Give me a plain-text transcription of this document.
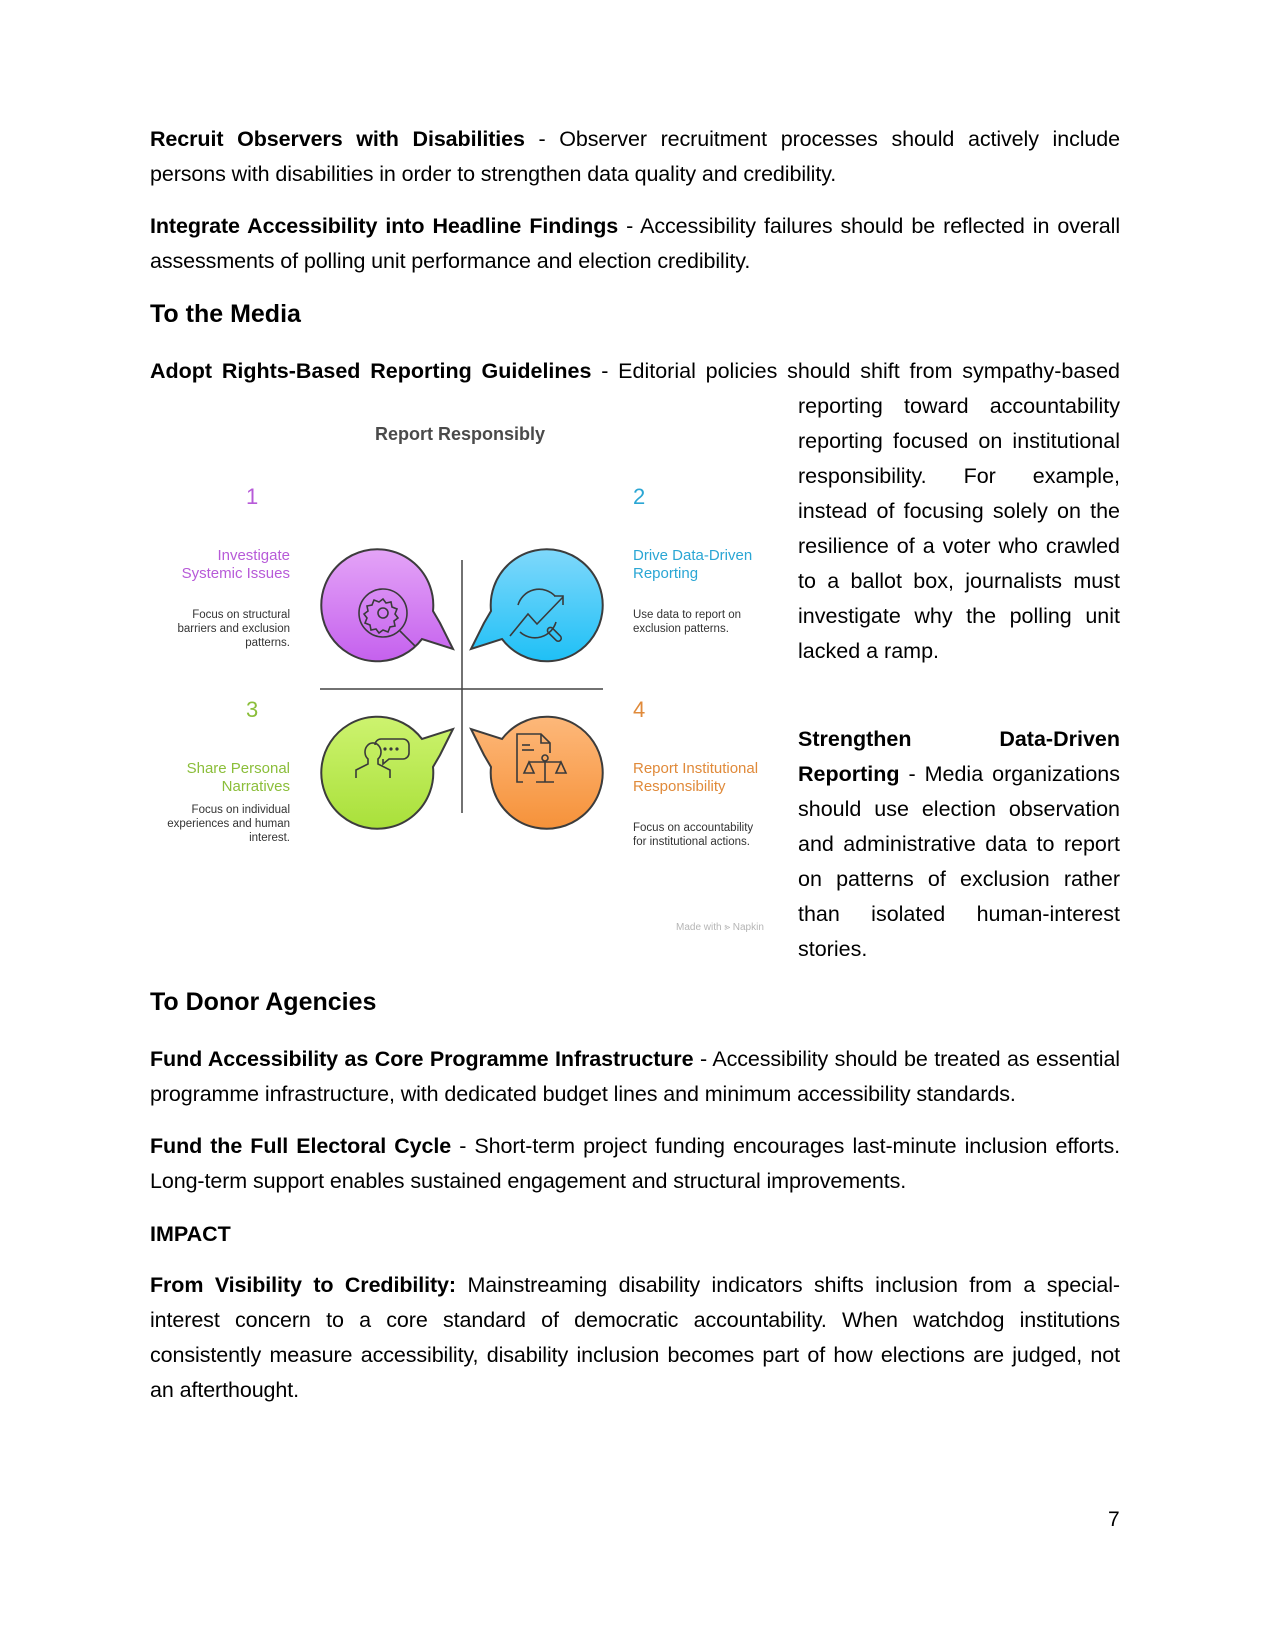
Recruit Observers with Disabilities - Observer recruitment processes should actively include persons with disabilities in order to strengthen data quality and credibility.

Integrate Accessibility into Headline Findings - Accessibility failures should be reflected in overall assessments of polling unit performance and election credibility.

To the Media

Adopt Rights-Based Reporting Guidelines - Editorial policies should shift from sympathy-based

reporting toward accountability reporting focused on institutional responsibility. For example, instead of focusing solely on the resilience of a voter who crawled to a ballot box, journalists must investigate why the polling unit lacked a ramp.

Strengthen Data-Driven Reporting - Media organizations should use election observation and administrative data to report on patterns of exclusion rather than isolated human-interest stories.

Report Responsibly
1
Investigate Systemic Issues
Focus on structural barriers and exclusion patterns.
2
Drive Data-Driven Reporting
Use data to report on exclusion patterns.
3
Share Personal Narratives
Focus on individual experiences and human interest.
4
Report Institutional Responsibility
Focus on accountability for institutional actions.
Made with ⪢ Napkin
To Donor Agencies

Fund Accessibility as Core Programme Infrastructure - Accessibility should be treated as essential programme infrastructure, with dedicated budget lines and minimum accessibility standards.

Fund the Full Electoral Cycle - Short-term project funding encourages last-minute inclusion efforts. Long-term support enables sustained engagement and structural improvements.

IMPACT

From Visibility to Credibility: Mainstreaming disability indicators shifts inclusion from a special-interest concern to a core standard of democratic accountability. When watchdog institutions consistently measure accessibility, disability inclusion becomes part of how elections are judged, not an afterthought.

7
